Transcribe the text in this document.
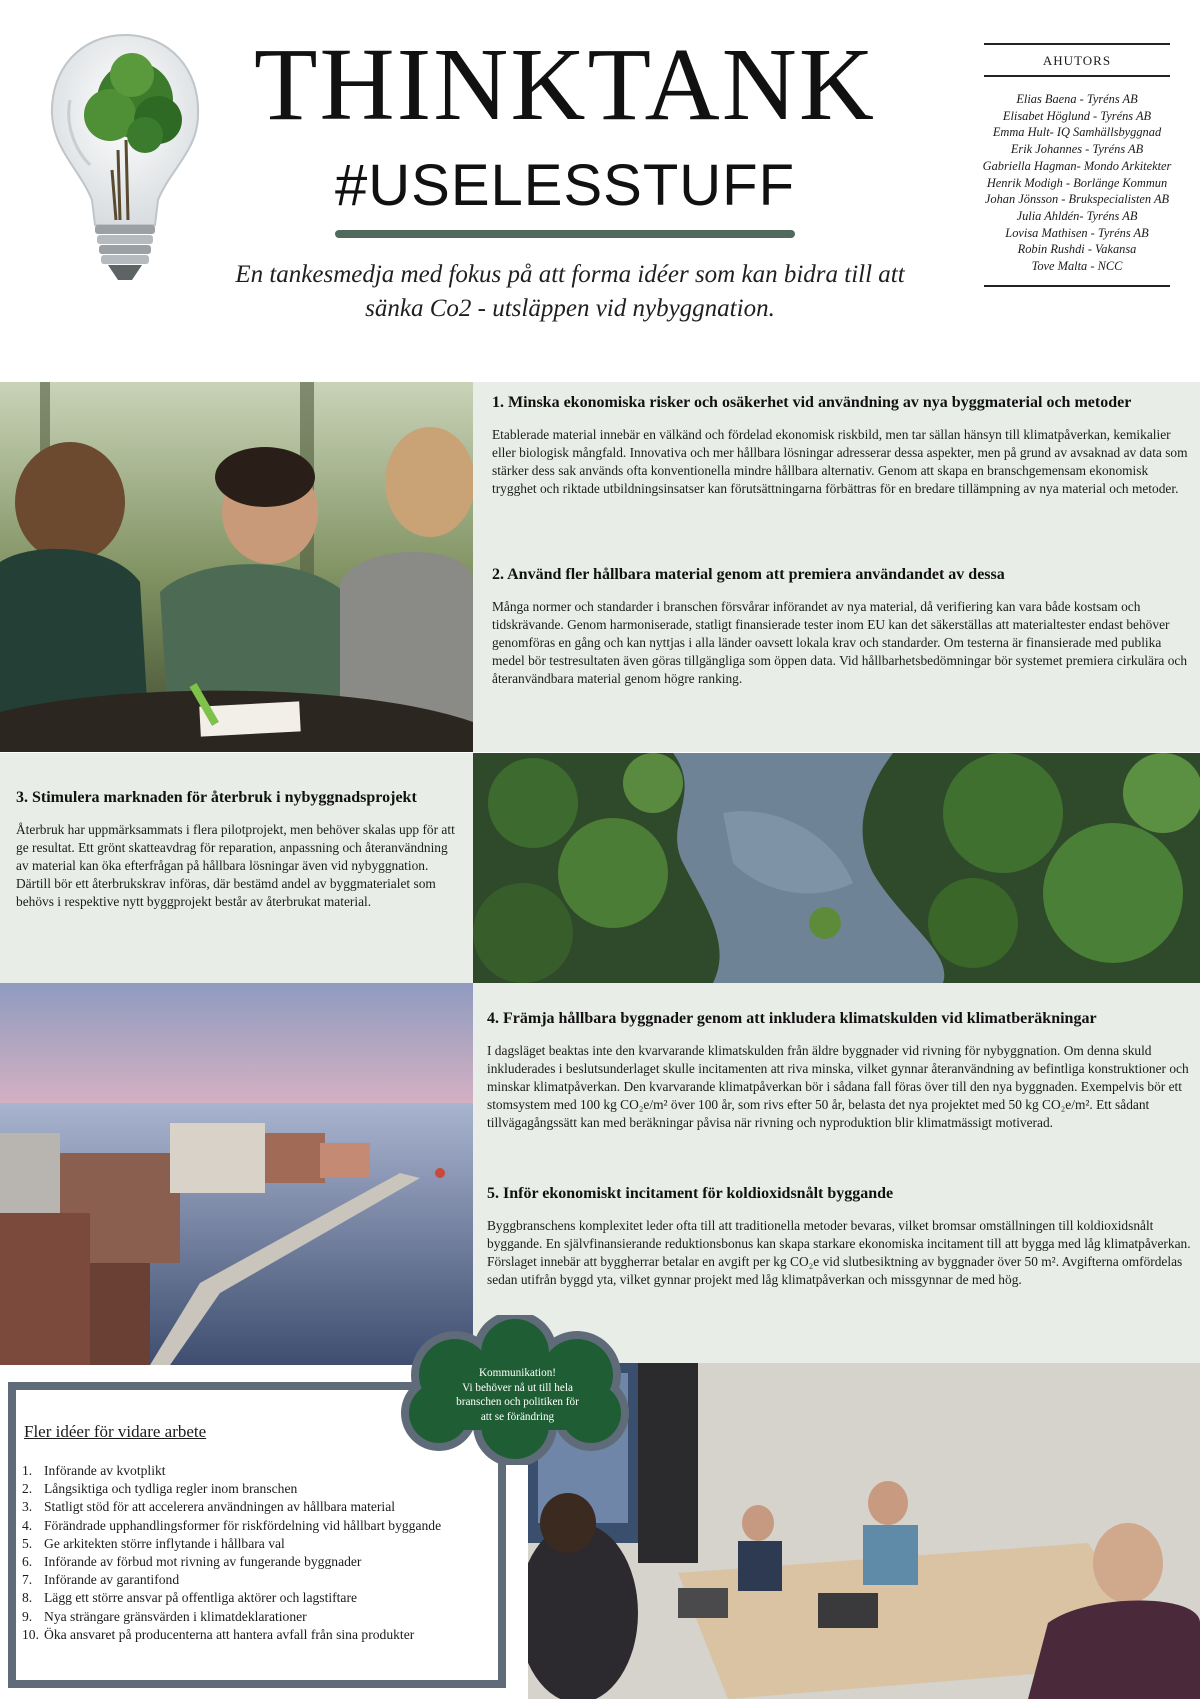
THINKTANK
#USELESSTUFF
En tankesmedja med fokus på att forma idéer som kan bidra till att
sänka Co2 - utsläppen vid nybyggnation.
AHUTORS
Elias Baena - Tyréns AB
Elisabet Höglund - Tyréns AB
Emma Hult- IQ Samhällsbyggnad
Erik Johannes - Tyréns AB
Gabriella Hagman- Mondo Arkitekter
Henrik Modigh - Borlänge Kommun
Johan Jönsson - Brukspecialisten AB
Julia Ahldén- Tyréns AB
Lovisa Mathisen - Tyréns AB
Robin Rushdi - Vakansa
Tove Malta - NCC

1. Minska ekonomiska risker och osäkerhet vid användning av nya byggmaterial och metoder

Etablerade material innebär en välkänd och fördelad ekonomisk riskbild, men tar sällan hänsyn till klimatpåverkan, kemikalier eller biologisk mångfald. Innovativa och mer hållbara lösningar adresserar dessa aspekter, men på grund av avsaknad av data som stärker dess sak används ofta konventionella mindre hållbara alternativ. Genom att skapa en branschgemensam ekonomisk trygghet och riktade utbildningsinsatser kan förutsättningarna förbättras för en bredare tillämpning av nya material och metoder.

2. Använd fler hållbara material genom att premiera användandet av dessa

Många normer och standarder i branschen försvårar införandet av nya material, då verifiering kan vara både kostsam och tidskrävande. Genom harmoniserade, statligt finansierade tester inom EU kan det säkerställas att materialtester endast behöver genomföras en gång och kan nyttjas i alla länder oavsett lokala krav och standarder. Om testerna är finansierade med publika medel bör testresultaten även göras tillgängliga som öppen data. Vid hållbarhetsbedömningar bör systemet premiera cirkulära och återanvändbara material genom högre ranking.

3. Stimulera marknaden för återbruk i nybyggnadsprojekt

Återbruk har uppmärksammats i flera pilotprojekt, men behöver skalas upp för att ge resultat. Ett grönt skatteavdrag för reparation, anpassning och återanvändning av material kan öka efterfrågan på hållbara lösningar även vid nybyggnation. Därtill bör ett återbrukskrav införas, där bestämd andel av byggmaterialet som behövs i respektive nytt byggprojekt består av återbrukat material.

4. Främja hållbara byggnader genom att inkludera klimatskulden vid klimatberäkningar

I dagsläget beaktas inte den kvarvarande klimatskulden från äldre byggnader vid rivning för nybyggnation. Om denna skuld inkluderades i beslutsunderlaget skulle incitamenten att riva minska, vilket gynnar återanvändning av befintliga konstruktioner och minskar klimatpåverkan. Den kvarvarande klimatpåverkan bör i sådana fall föras över till den nya byggnaden. Exempelvis bör ett stomsystem med 100 kg CO₂e/m² över 100 år, som rivs efter 50 år, belasta det nya projektet med 50 kg CO₂e/m². Ett sådant tillvägagångssätt kan med beräkningar påvisa när rivning och nyproduktion blir klimatmässigt motiverad.

5. Inför ekonomiskt incitament för koldioxidsnålt byggande

Byggbranschens komplexitet leder ofta till att traditionella metoder bevaras, vilket bromsar omställningen till koldioxidsnålt byggande. En självfinansierande reduktionsbonus kan skapa starkare ekonomiska incitament till att bygga med låg klimatpåverkan. Förslaget innebär att byggherrar betalar en avgift per kg CO₂e vid slutbesiktning av byggnader över 50 m². Avgifterna omfördelas sedan utifrån byggd yta, vilket gynnar projekt med låg klimatpåverkan och missgynnar de med hög.

Fler idéer för vidare arbete
1. Införande av kvotplikt
2. Långsiktiga och tydliga regler inom branschen
3. Statligt stöd för att accelerera användningen av hållbara material
4. Förändrade upphandlingsformer för riskfördelning vid hållbart byggande
5. Ge arkitekten större inflytande i hållbara val
6. Införande av förbud mot rivning av fungerande byggnader
7. Införande av garantifond
8. Lägg ett större ansvar på offentliga aktörer och lagstiftare
9. Nya strängare gränsvärden i klimatdeklarationer
10. Öka ansvaret på producenterna att hantera avfall från sina produkter
Kommunikation!
Vi behöver nå ut till hela
branschen och politiken för
att se förändring
